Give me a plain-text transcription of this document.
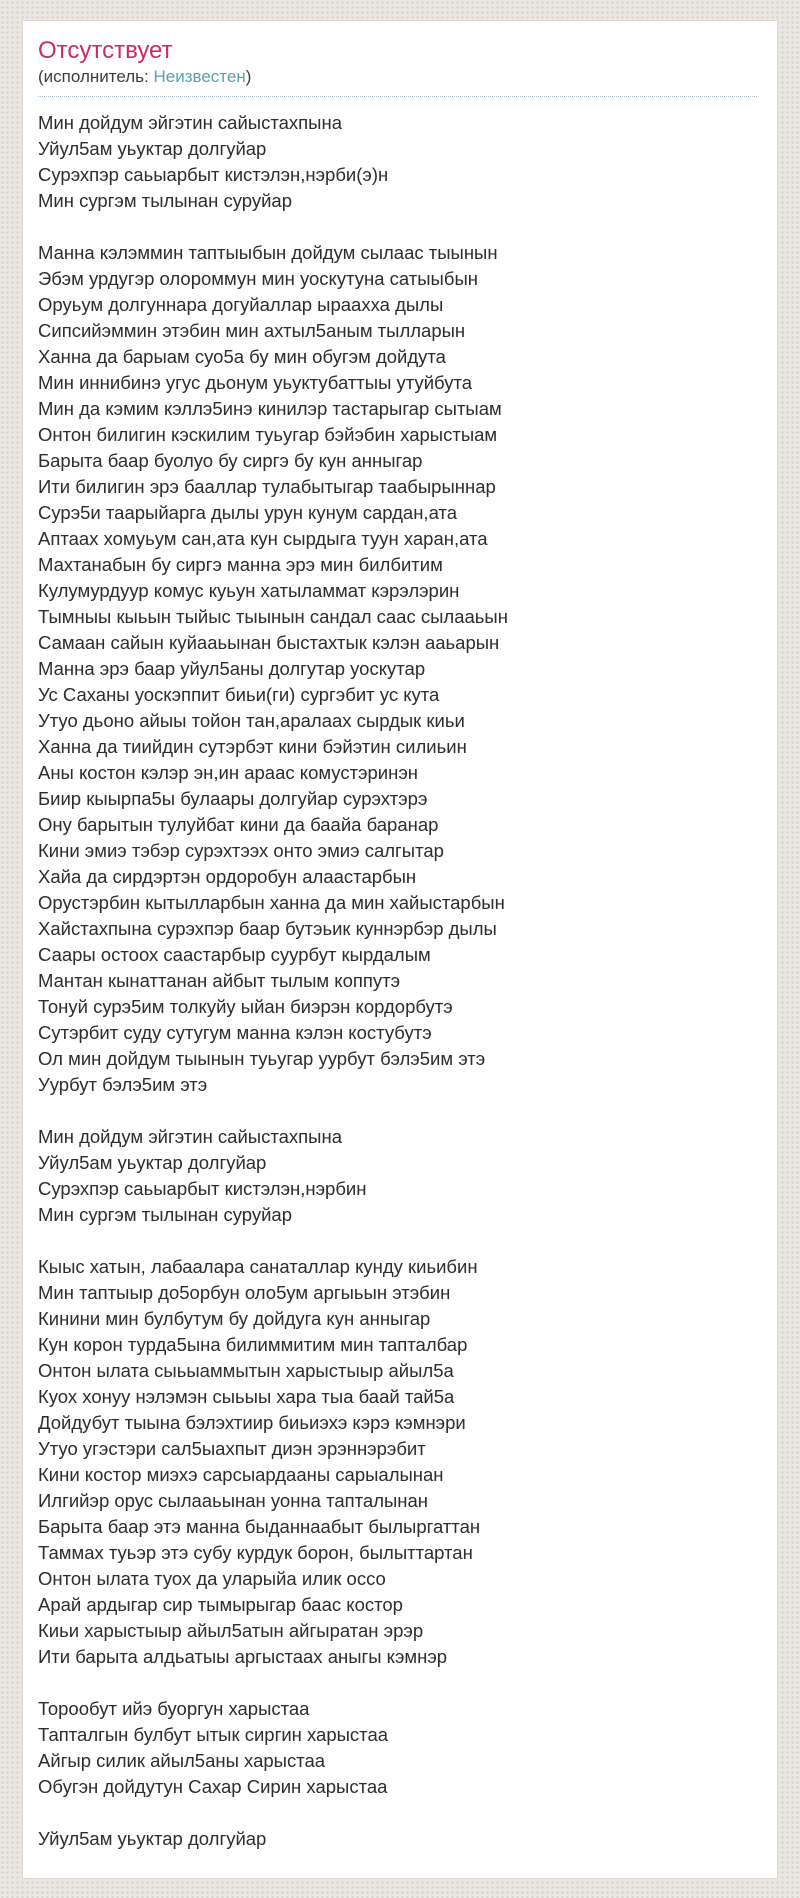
Отсутствует
(исполнитель: Неизвестен)

Мин дойдум эйгэтин сайыстахпына
Уйул5ам уьуктар долгуйар
Сурэхпэр саьыарбыт кистэлэн,нэрби(э)н
Мин сургэм тылынан суруйар

Манна кэлэммин таптыыбын дойдум сылаас тыынын
Эбэм урдугэр олороммун мин уоскутуна сатыыбын
Оруьум долгуннара догуйаллар ыраахха дылы
Сипсийэммин этэбин мин ахтыл5аным тылларын
Ханна да барыам суо5а бу мин обугэм дойдута
Мин иннибинэ угус дьонум уьуктубаттыы утуйбута
Мин да кэмим кэллэ5инэ кинилэр тастарыгар сытыам
Онтон билигин кэскилим туьугар бэйэбин харыстыам
Барыта баар буолуо бу сиргэ бу кун анныгар
Ити билигин эрэ бааллар тулабытыгар таабырыннар
Сурэ5и таарыйарга дылы урун кунум сардан,ата
Аптаах хомуьум сан,ата кун сырдыга туун харан,ата
Махтанабын бу сиргэ манна эрэ мин билбитим
Кулумурдуур комус куьун хатыламмат кэрэлэрин
Тымныы кыьын тыйыс тыынын сандал саас сылааьын
Самаан сайын куйааьынан быстахтык кэлэн ааьарын
Манна эрэ баар уйул5аны долгутар уоскутар
Ус Саханы уоскэппит биьи(ги) сургэбит ус кута
Утуо дьоно айыы тойон тан,аралаах сырдык киьи
Ханна да тиийдин сутэрбэт кини бэйэтин силиьин
Аны костон кэлэр эн,ин араас комустэринэн
Биир кыырпа5ы булаары долгуйар сурэхтэрэ
Ону барытын тулуйбат кини да баайа баранар
Кини эмиэ тэбэр сурэхтээх онто эмиэ салгытар
Хайа да сирдэртэн ордоробун алаастарбын
Орустэрбин кытылларбын ханна да мин хайыстарбын
Хайстахпына сурэхпэр баар бутэьик куннэрбэр дылы
Саары остоох саастарбыр суурбут кырдалым
Мантан кынаттанан айбыт тылым коппутэ
Тонуй сурэ5им толкуйу ыйан биэрэн кордорбутэ
Сутэрбит суду сутугум манна кэлэн костубутэ
Ол мин дойдум тыынын туьугар уурбут бэлэ5им этэ
Уурбут бэлэ5им этэ

Мин дойдум эйгэтин сайыстахпына
Уйул5ам уьуктар долгуйар
Сурэхпэр саьыарбыт кистэлэн,нэрбин
Мин сургэм тылынан суруйар

Кыыс хатын, лабаалара санаталлар кунду киьибин
Мин таптыыр до5орбун оло5ум аргыьын этэбин
Кинини мин булбутум бу дойдуга кун анныгар
Кун корон турда5ына билиммитим мин тапталбар
Онтон ылата сыьыаммытын харыстыыр айыл5а
Куох хонуу нэлэмэн сыьыы хара тыа баай тай5а
Дойдубут тыына бэлэхтиир биьиэхэ кэрэ кэмнэри
Утуо угэстэри сал5ыахпыт диэн эрэннэрэбит
Кини костор миэхэ сарсыардааны сарыалынан
Илгийэр орус сылааьынан уонна тапталынан
Барыта баар этэ манна быданнаабыт былыргаттан
Таммах туьэр этэ субу курдук борон, былыттартан
Онтон ылата туох да уларыйа илик оссо
Арай ардыгар сир тымырыгар баас костор
Киьи харыстыыр айыл5атын айгыратан эрэр
Ити барыта алдьатыы аргыстаах аныгы кэмнэр

Торообут ийэ буоргун харыстаа
Тапталгын булбут ытык сиргин харыстаа
Айгыр силик айыл5аны харыстаа
Обугэн дойдутун Сахар Сирин харыстаа

Уйул5ам уьуктар долгуйар
